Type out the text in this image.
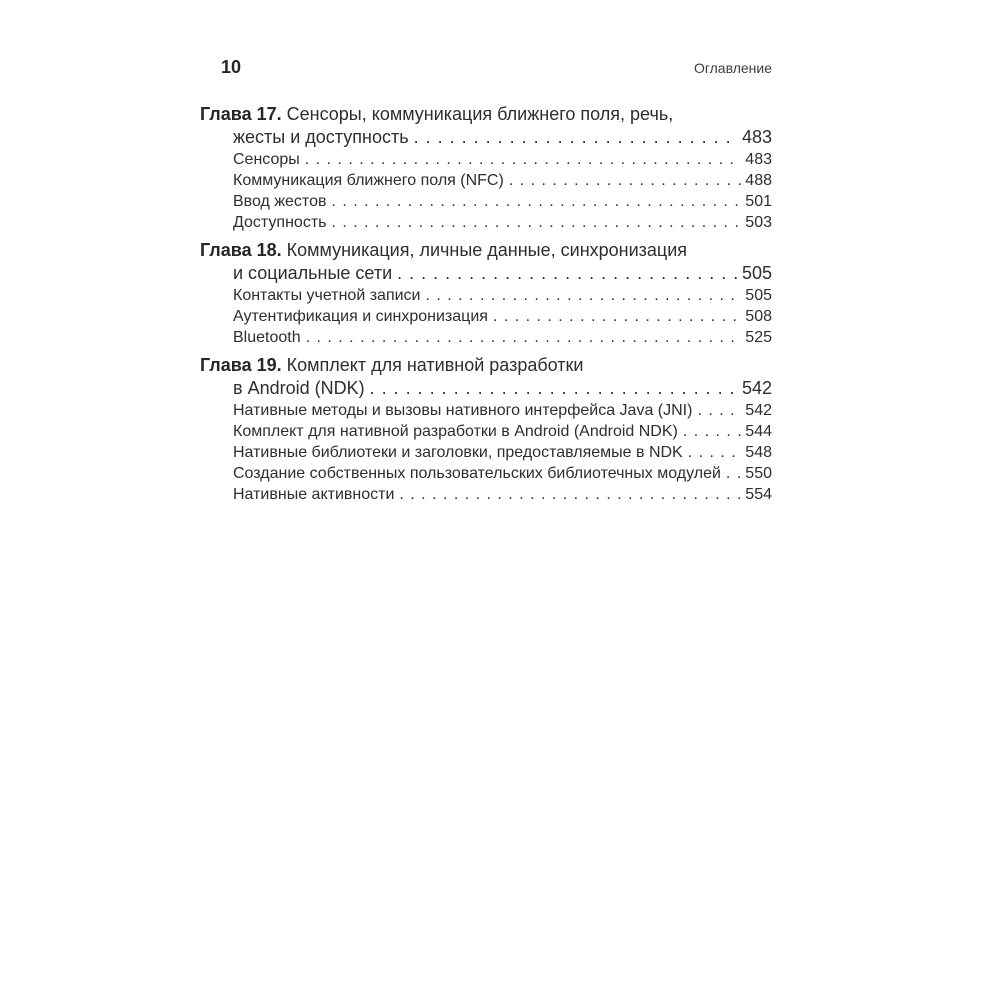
10	Оглавление
Глава 17. Сенсоры, коммуникация ближнего поля, речь,
жесты и доступность . . .	483
Сенсоры . . .	483
Коммуникация ближнего поля (NFC) . . .	488
Ввод жестов . . .	501
Доступность . . .	503
Глава 18. Коммуникация, личные данные, синхронизация
и социальные сети . . .	505
Контакты учетной записи . . .	505
Аутентификация и синхронизация . . .	508
Bluetooth . . .	525
Глава 19. Комплект для нативной разработки
в Android (NDK) . . .	542
Нативные методы и вызовы нативного интерфейса Java (JNI) . . .	542
Комплект для нативной разработки в Android (Android NDK) . . .	544
Нативные библиотеки и заголовки, предоставляемые в NDK . . .	548
Создание собственных пользовательских библиотечных модулей . . . 550
Нативные активности . . .	554
